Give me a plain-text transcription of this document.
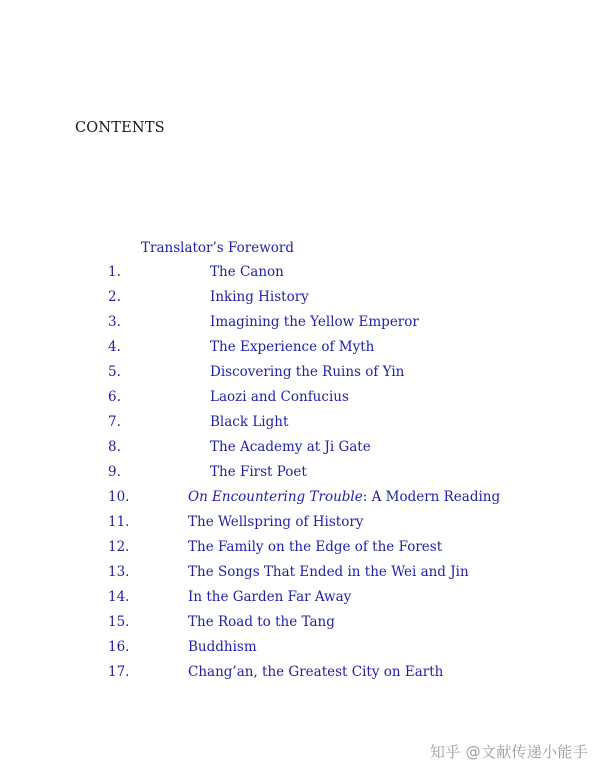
CONTENTS
Translator’s Foreword
1.	The Canon
2.	Inking History
3.	Imagining the Yellow Emperor
4.	The Experience of Myth
5.	Discovering the Ruins of Yin
6.	Laozi and Confucius
7.	Black Light
8.	The Academy at Ji Gate
9.	The First Poet
10.	On Encountering Trouble: A Modern Reading
11.	The Wellspring of History
12.	The Family on the Edge of the Forest
13.	The Songs That Ended in the Wei and Jin
14.	In the Garden Far Away
15.	The Road to the Tang
16.	Buddhism
17.	Chang’an, the Greatest City on Earth
知乎 @文献传递小能手
